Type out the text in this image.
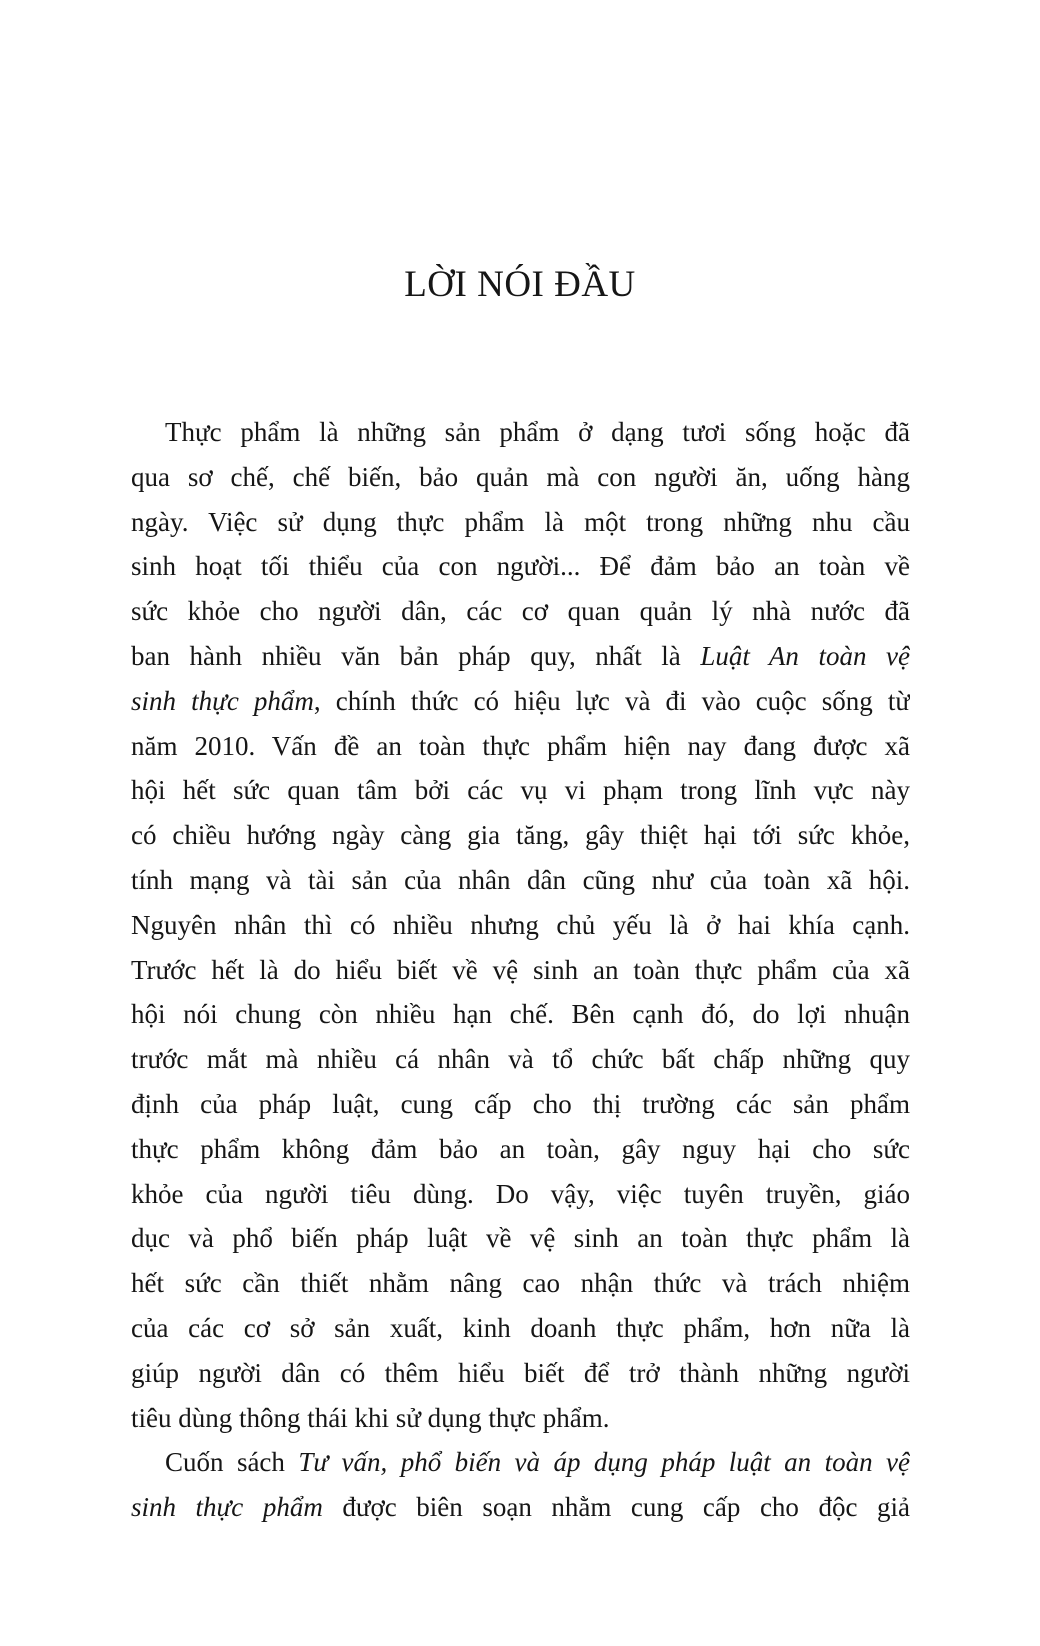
LỜI NÓI ĐẦU
Thực phẩm là những sản phẩm ở dạng tươi sống hoặc đã
qua sơ chế, chế biến, bảo quản mà con người ăn, uống hàng
ngày. Việc sử dụng thực phẩm là một trong những nhu cầu
sinh hoạt tối thiểu của con người... Để đảm bảo an toàn về
sức khỏe cho người dân, các cơ quan quản lý nhà nước đã
ban hành nhiều văn bản pháp quy, nhất là Luật An toàn vệ
sinh thực phẩm, chính thức có hiệu lực và đi vào cuộc sống từ
năm 2010. Vấn đề an toàn thực phẩm hiện nay đang được xã
hội hết sức quan tâm bởi các vụ vi phạm trong lĩnh vực này
có chiều hướng ngày càng gia tăng, gây thiệt hại tới sức khỏe,
tính mạng và tài sản của nhân dân cũng như của toàn xã hội.
Nguyên nhân thì có nhiều nhưng chủ yếu là ở hai khía cạnh.
Trước hết là do hiểu biết về vệ sinh an toàn thực phẩm của xã
hội nói chung còn nhiều hạn chế. Bên cạnh đó, do lợi nhuận
trước mắt mà nhiều cá nhân và tổ chức bất chấp những quy
định của pháp luật, cung cấp cho thị trường các sản phẩm
thực phẩm không đảm bảo an toàn, gây nguy hại cho sức
khỏe của người tiêu dùng. Do vậy, việc tuyên truyền, giáo
dục và phổ biến pháp luật về vệ sinh an toàn thực phẩm là
hết sức cần thiết nhằm nâng cao nhận thức và trách nhiệm
của các cơ sở sản xuất, kinh doanh thực phẩm, hơn nữa là
giúp người dân có thêm hiểu biết để trở thành những người
tiêu dùng thông thái khi sử dụng thực phẩm.
Cuốn sách Tư vấn, phổ biến và áp dụng pháp luật an toàn vệ
sinh thực phẩm được biên soạn nhằm cung cấp cho độc giả
